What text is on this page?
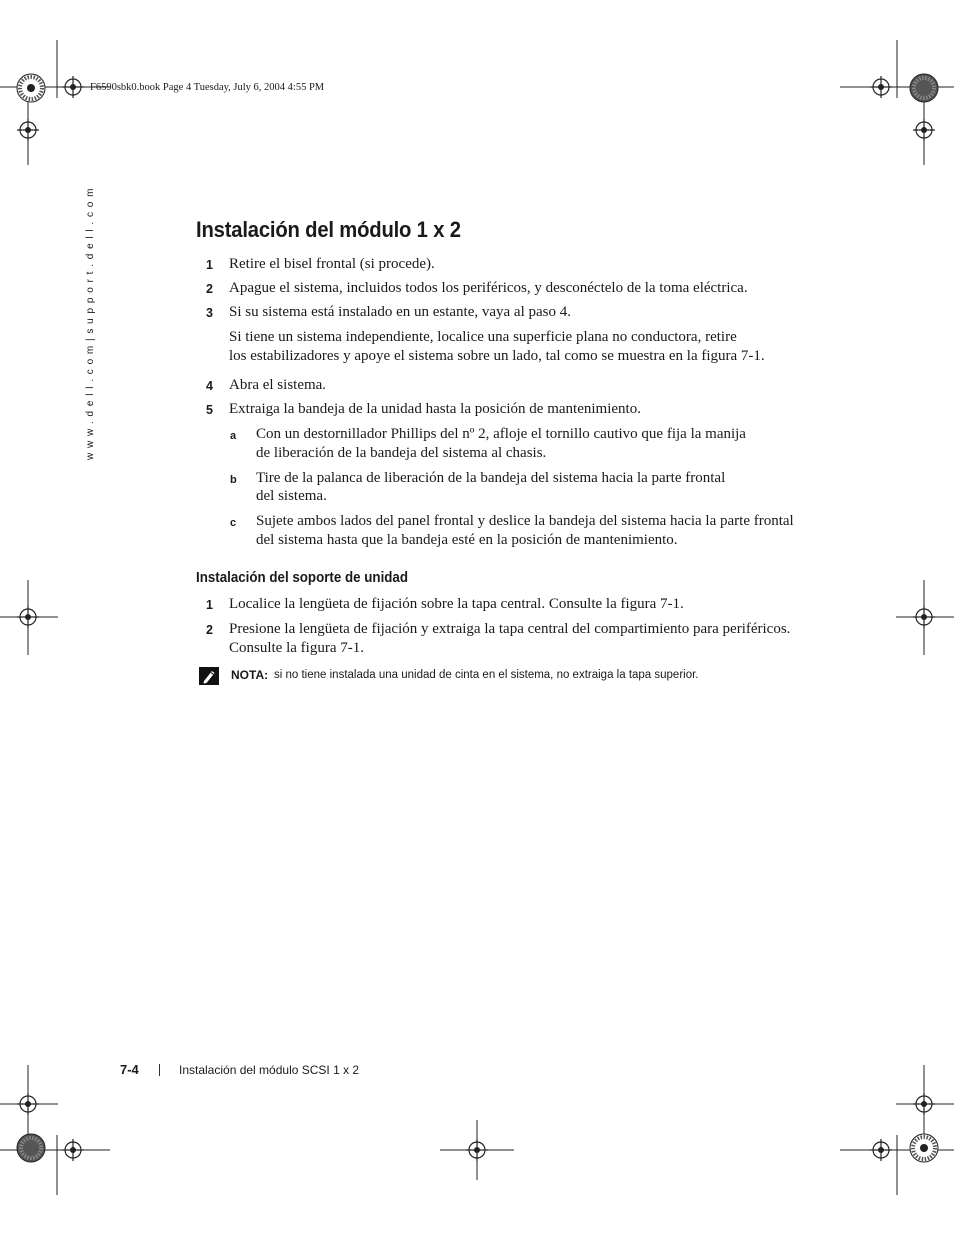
F6590sbk0.book Page 4 Tuesday, July 6, 2004 4:55 PM
w w w . d e l l . c o m | s u p p o r t . d e l l . c o m	Instalación del módulo 1 x 2
1 Retire el bisel frontal (si procede).
2 Apague el sistema, incluidos todos los periféricos, y desconéctelo de la toma eléctrica.
3 Si su sistema está instalado en un estante, vaya al paso 4.
Si tiene un sistema independiente, localice una superficie plana no conductora, retire
los estabilizadores y apoye el sistema sobre un lado, tal como se muestra en la figura 7-1.
4 Abra el sistema.
5 Extraiga la bandeja de la unidad hasta la posición de mantenimiento.
a Con un destornillador Phillips del nº 2, afloje el tornillo cautivo que fija la manija
de liberación de la bandeja del sistema al chasis.
b Tire de la palanca de liberación de la bandeja del sistema hacia la parte frontal
del sistema.
c Sujete ambos lados del panel frontal y deslice la bandeja del sistema hacia la parte frontal
del sistema hasta que la bandeja esté en la posición de mantenimiento.
Instalación del soporte de unidad
1 Localice la lengüeta de fijación sobre la tapa central. Consulte la figura 7-1.
2 Presione la lengüeta de fijación y extraiga la tapa central del compartimiento para periféricos.
Consulte la figura 7-1.
NOTA: si no tiene instalada una unidad de cinta en el sistema, no extraiga la tapa superior.
7-4	Instalación del módulo SCSI 1 x 2
